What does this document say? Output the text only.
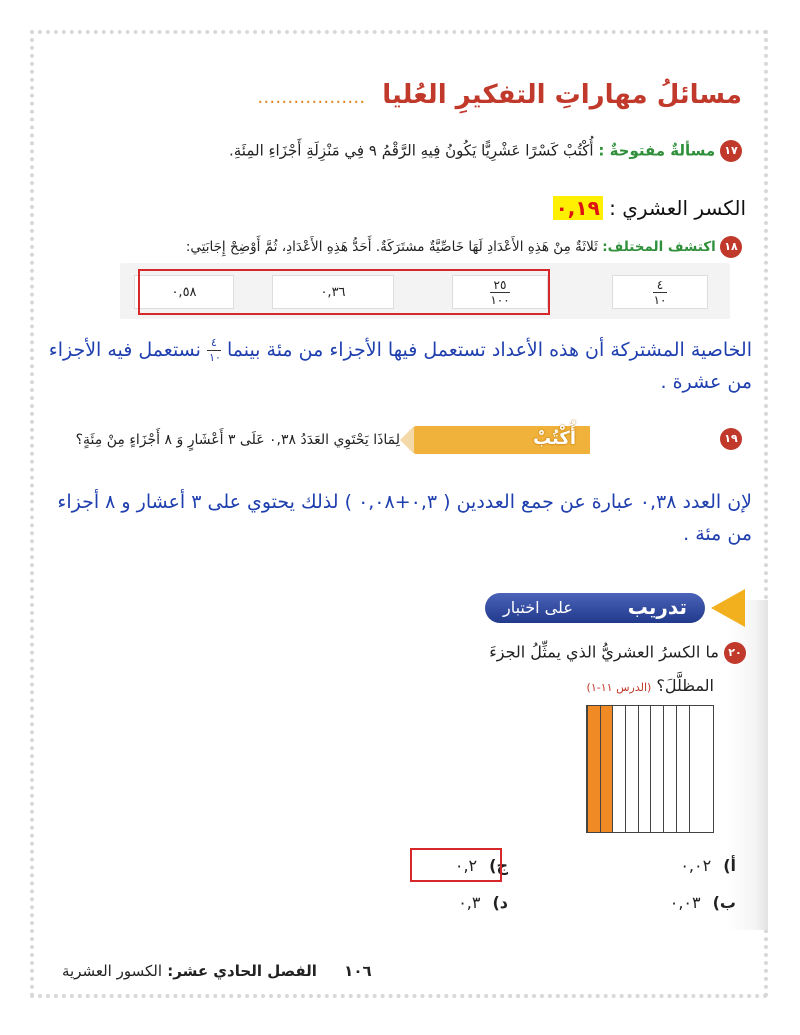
مسائلُ مهاراتِ التفكيرِ العُليا ………………
١٧ مسألةٌ مفتوحةٌ : أُكْتُبْ كَسْرًا عَشْرِيًّا يَكُونُ فِيهِ الرَّقْمُ ٩ فِي مَنْزِلَةِ أَجْزَاءِ المِئَةِ.
الكسر العشري : ٠,١٩
١٨ اكتشف المختلف: ثَلاثَةٌ مِنْ هَذِهِ الأَعْدَادِ لَهَا خَاصِّيَّةٌ مشتَرَكَةٌ. أَحَدُّ هَذِهِ الأَعْدَادِ، ثُمَّ أَوْضِحْ إِجَابَتِي:
$\frac{٤}{١٠}$
$\frac{٢٥}{١٠٠}$
٠,٣٦
٠,٥٨
الخاصية المشتركة أن هذه الأعداد تستعمل فيها الأجزاء من مئة بينما
$\frac{٤}{١٠}$
نستعمل فيه الأجزاء من عشرة .
١٩
أُكْتُبْ
لِمَاذَا يَحْتَوِي العَدَدُ ٠,٣٨ عَلَى ٣ أَعْشَارٍ وَ ٨ أَجْزَاءٍ مِنْ مِئَةٍ؟
لإن العدد ٠,٣٨ عبارة عن جمع العددين ( ٠,٣+٠,٠٨ ) لذلك يحتوي على ٣ أعشار و ٨ أجزاء من مئة .
تدريب
على اختبار
٢٠ ما الكسرُ العشريُّ الذي يمثِّلُ الجزءَ
المظلَّلَ؟ (الدرس ١١-١)
أ)٠,٠٢
ب)٠,٠٣
ج)٠,٢
د)٠,٣
١٠٦ الفصل الحادي عشر: الكسور العشرية
